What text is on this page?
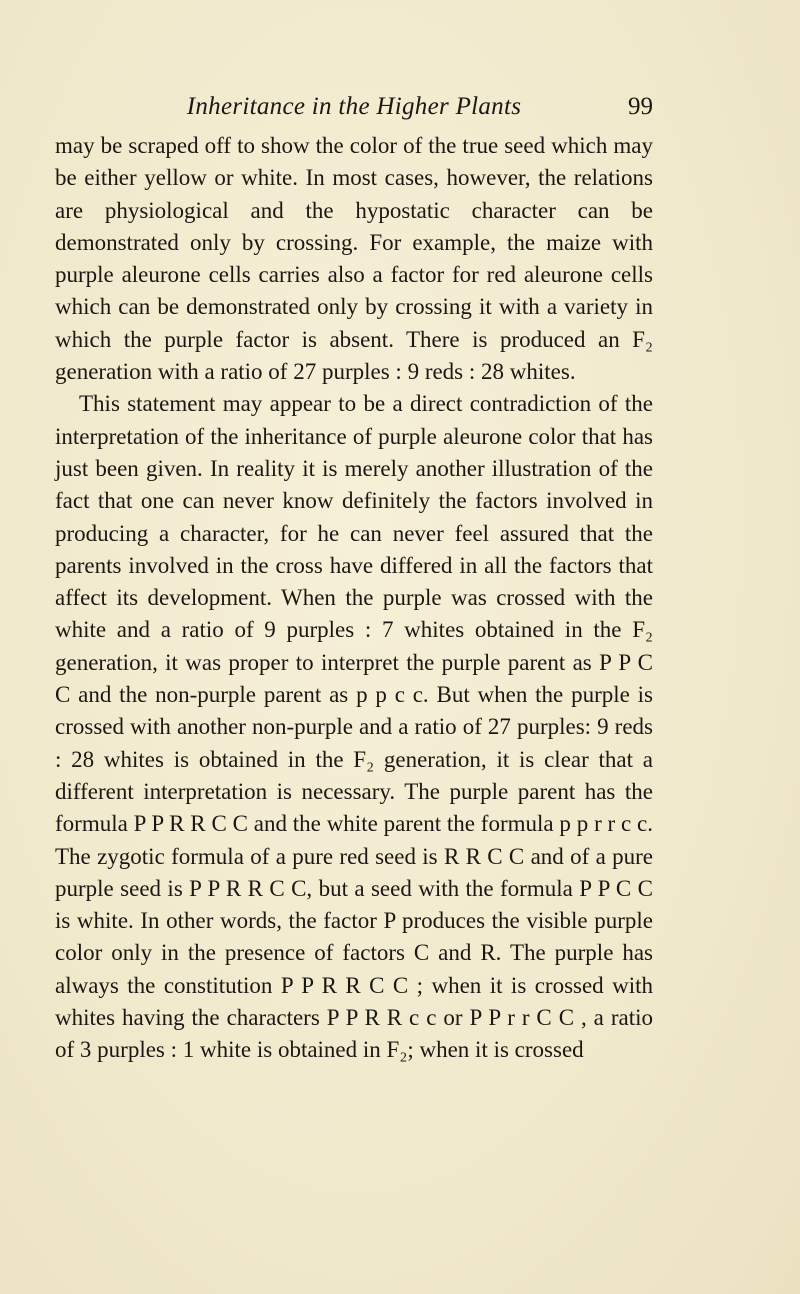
Inheritance in the Higher Plants	99

may be scraped off to show the color of the true seed which may be either yellow or white. In most cases, however, the relations are physiological and the hypostatic character can be demonstrated only by crossing. For example, the maize with purple aleurone cells carries also a factor for red aleurone cells which can be demonstrated only by crossing it with a variety in which the purple factor is absent. There is produced an F₂ generation with a ratio of 27 purples : 9 reds : 28 whites.

This statement may appear to be a direct contradiction of the interpretation of the inheritance of purple aleurone color that has just been given. In reality it is merely another illustration of the fact that one can never know definitely the factors involved in producing a character, for he can never feel assured that the parents involved in the cross have differed in all the factors that affect its development. When the purple was crossed with the white and a ratio of 9 purples : 7 whites obtained in the F₂ generation, it was proper to interpret the purple parent as P P C C and the non-purple parent as p p c c. But when the purple is crossed with another non-purple and a ratio of 27 purples: 9 reds : 28 whites is obtained in the F₂ generation, it is clear that a different interpretation is necessary. The purple parent has the formula P P R R C C and the white parent the formula p p r r c c. The zygotic formula of a pure red seed is R R C C and of a pure purple seed is P P R R C C, but a seed with the formula P P C C is white. In other words, the factor P produces the visible purple color only in the presence of factors C and R. The purple has always the constitution P P R R C C ; when it is crossed with whites having the characters P P R R c c or P P r r C C , a ratio of 3 purples : 1 white is obtained in F₂; when it is crossed
